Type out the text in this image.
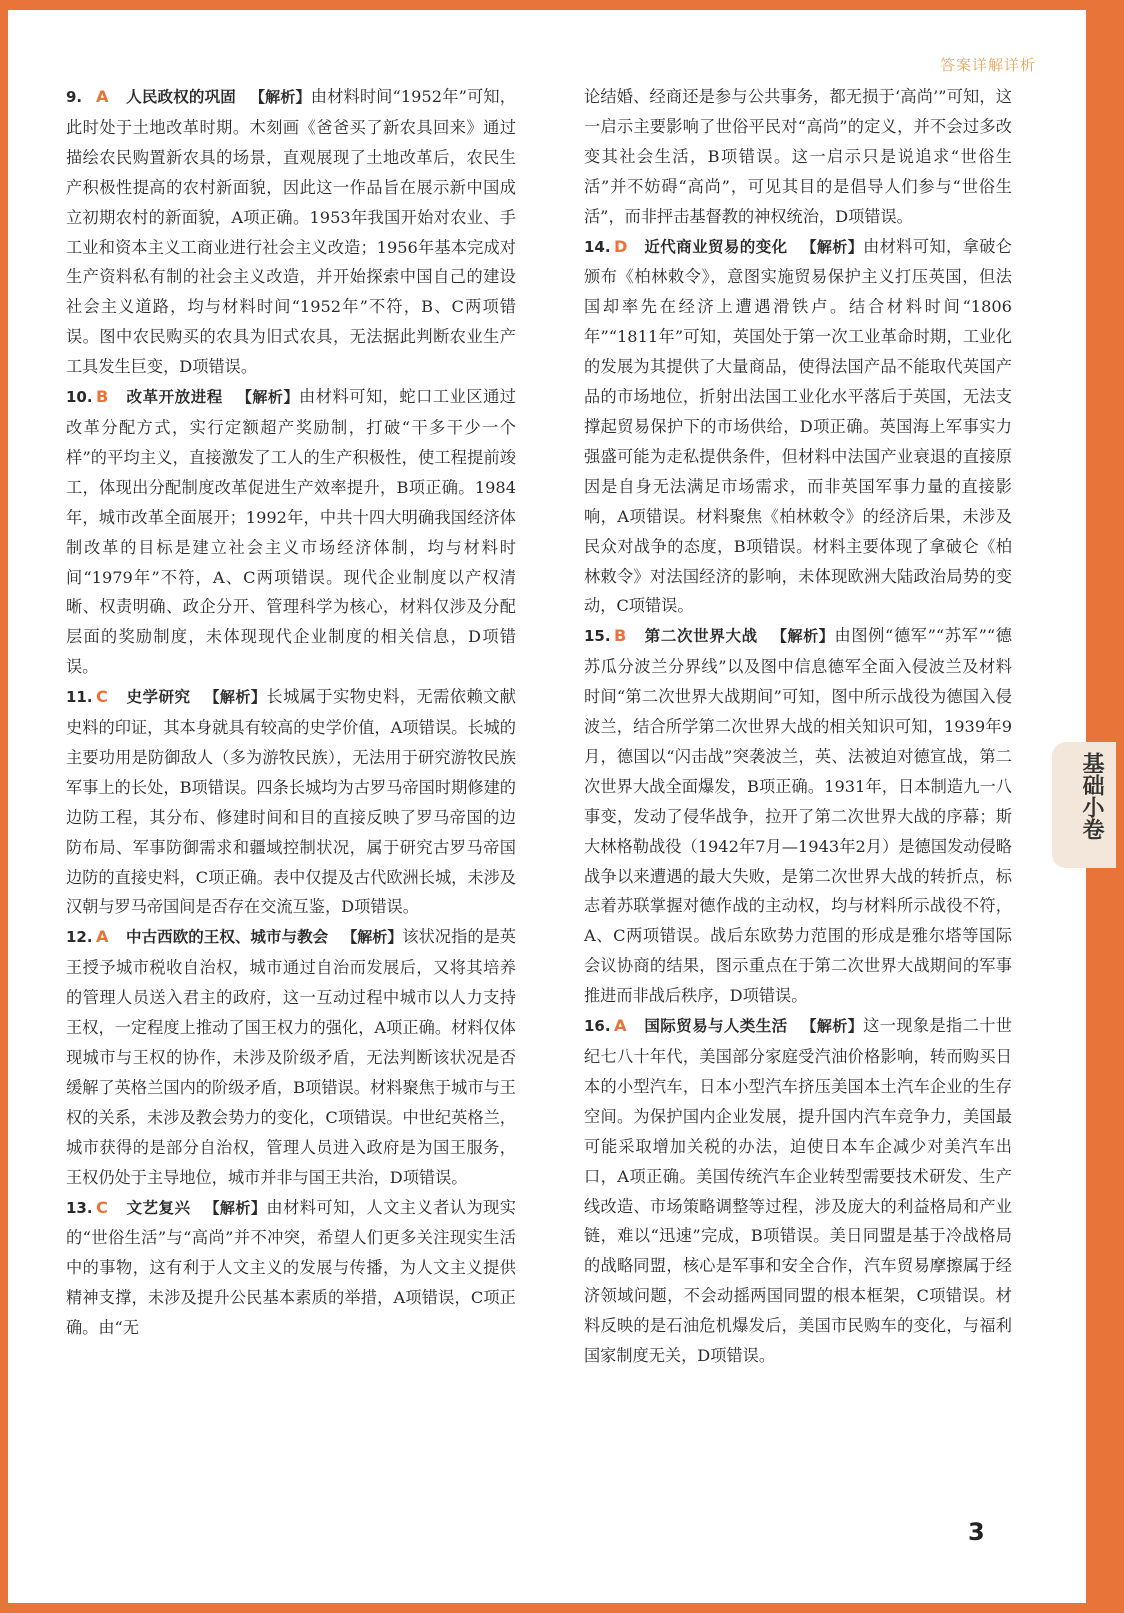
答案详解详析

9. A 人民政权的巩固 【解析】由材料时间“1952年”可知，此时处于土地改革时期。木刻画《爸爸买了新农具回来》通过描绘农民购置新农具的场景，直观展现了土地改革后，农民生产积极性提高的农村新面貌，因此这一作品旨在展示新中国成立初期农村的新面貌，A项正确。1953年我国开始对农业、手工业和资本主义工商业进行社会主义改造；1956年基本完成对生产资料私有制的社会主义改造，并开始探索中国自己的建设社会主义道路，均与材料时间“1952年”不符，B、C两项错误。图中农民购买的农具为旧式农具，无法据此判断农业生产工具发生巨变，D项错误。

10. B 改革开放进程 【解析】由材料可知，蛇口工业区通过改革分配方式，实行定额超产奖励制，打破“干多干少一个样”的平均主义，直接激发了工人的生产积极性，使工程提前竣工，体现出分配制度改革促进生产效率提升，B项正确。1984年，城市改革全面展开；1992年，中共十四大明确我国经济体制改革的目标是建立社会主义市场经济体制，均与材料时间“1979年”不符，A、C两项错误。现代企业制度以产权清晰、权责明确、政企分开、管理科学为核心，材料仅涉及分配层面的奖励制度，未体现现代企业制度的相关信息，D项错误。

11. C 史学研究 【解析】长城属于实物史料，无需依赖文献史料的印证，其本身就具有较高的史学价值，A项错误。长城的主要功用是防御敌人（多为游牧民族），无法用于研究游牧民族军事上的长处，B项错误。四条长城均为古罗马帝国时期修建的边防工程，其分布、修建时间和目的直接反映了罗马帝国的边防布局、军事防御需求和疆域控制状况，属于研究古罗马帝国边防的直接史料，C项正确。表中仅提及古代欧洲长城，未涉及汉朝与罗马帝国间是否存在交流互鉴，D项错误。

12. A 中古西欧的王权、城市与教会 【解析】该状况指的是英王授予城市税收自治权，城市通过自治而发展后，又将其培养的管理人员送入君主的政府，这一互动过程中城市以人力支持王权，一定程度上推动了国王权力的强化，A项正确。材料仅体现城市与王权的协作，未涉及阶级矛盾，无法判断该状况是否缓解了英格兰国内的阶级矛盾，B项错误。材料聚焦于城市与王权的关系，未涉及教会势力的变化，C项错误。中世纪英格兰，城市获得的是部分自治权，管理人员进入政府是为国王服务，王权仍处于主导地位，城市并非与国王共治，D项错误。

13. C 文艺复兴 【解析】由材料可知，人文主义者认为现实的“世俗生活”与“高尚”并不冲突，希望人们更多关注现实生活中的事物，这有利于人文主义的发展与传播，为人文主义提供精神支撑，未涉及提升公民基本素质的举措，A项错误，C项正确。由“无

论结婚、经商还是参与公共事务，都无损于‘高尚’”可知，这一启示主要影响了世俗平民对“高尚”的定义，并不会过多改变其社会生活，B项错误。这一启示只是说追求“世俗生活”并不妨碍“高尚”，可见其目的是倡导人们参与“世俗生活”，而非抨击基督教的神权统治，D项错误。

14. D 近代商业贸易的变化 【解析】由材料可知，拿破仑颁布《柏林敕令》，意图实施贸易保护主义打压英国，但法国却率先在经济上遭遇滑铁卢。结合材料时间“1806年”“1811年”可知，英国处于第一次工业革命时期，工业化的发展为其提供了大量商品，使得法国产品不能取代英国产品的市场地位，折射出法国工业化水平落后于英国，无法支撑起贸易保护下的市场供给，D项正确。英国海上军事实力强盛可能为走私提供条件，但材料中法国产业衰退的直接原因是自身无法满足市场需求，而非英国军事力量的直接影响，A项错误。材料聚焦《柏林敕令》的经济后果，未涉及民众对战争的态度，B项错误。材料主要体现了拿破仑《柏林敕令》对法国经济的影响，未体现欧洲大陆政治局势的变动，C项错误。

15. B 第二次世界大战 【解析】由图例“德军”“苏军”“德苏瓜分波兰分界线”以及图中信息德军全面入侵波兰及材料时间“第二次世界大战期间”可知，图中所示战役为德国入侵波兰，结合所学第二次世界大战的相关知识可知，1939年9月，德国以“闪击战”突袭波兰，英、法被迫对德宣战，第二次世界大战全面爆发，B项正确。1931年，日本制造九一八事变，发动了侵华战争，拉开了第二次世界大战的序幕；斯大林格勒战役（1942年7月—1943年2月）是德国发动侵略战争以来遭遇的最大失败，是第二次世界大战的转折点，标志着苏联掌握对德作战的主动权，均与材料所示战役不符，A、C两项错误。战后东欧势力范围的形成是雅尔塔等国际会议协商的结果，图示重点在于第二次世界大战期间的军事推进而非战后秩序，D项错误。

16. A 国际贸易与人类生活 【解析】这一现象是指二十世纪七八十年代，美国部分家庭受汽油价格影响，转而购买日本的小型汽车，日本小型汽车挤压美国本土汽车企业的生存空间。为保护国内企业发展，提升国内汽车竞争力，美国最可能采取增加关税的办法，迫使日本车企减少对美汽车出口，A项正确。美国传统汽车企业转型需要技术研发、生产线改造、市场策略调整等过程，涉及庞大的利益格局和产业链，难以“迅速”完成，B项错误。美日同盟是基于冷战格局的战略同盟，核心是军事和安全合作，汽车贸易摩擦属于经济领域问题，不会动摇两国同盟的根本框架，C项错误。材料反映的是石油危机爆发后，美国市民购车的变化，与福利国家制度无关，D项错误。

基础小卷
3
